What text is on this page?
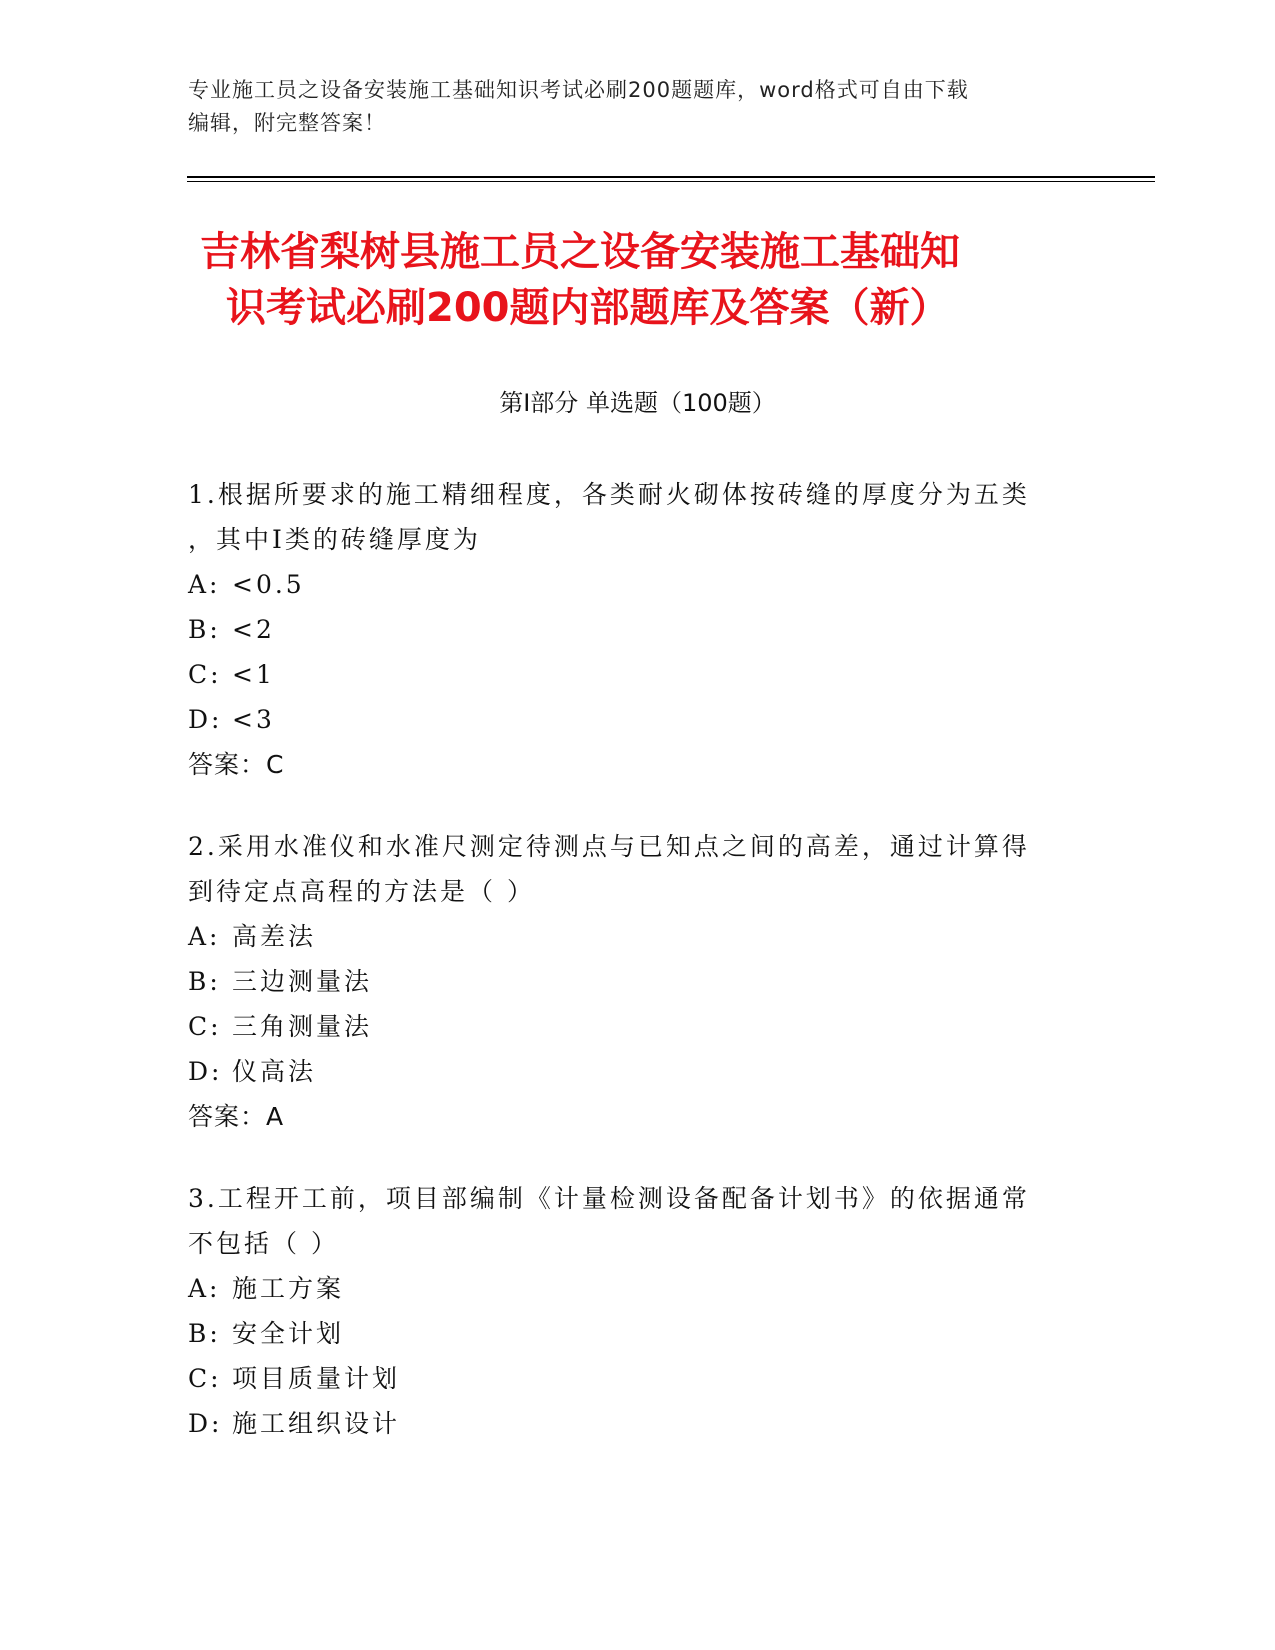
专业施工员之设备安装施工基础知识考试必刷200题题库，word格式可自由下载
编辑，附完整答案！
吉林省梨树县施工员之设备安装施工基础知
识考试必刷200题内部题库及答案（新）
第Ⅰ部分 单选题（100题）

1.根据所要求的施工精细程度，各类耐火砌体按砖缝的厚度分为五类

，其中Ⅰ类的砖缝厚度为

A: <0.5

B: <2

C: <1

D: <3

答案：C

2.采用水准仪和水准尺测定待测点与已知点之间的高差，通过计算得

到待定点高程的方法是（ ）

A: 高差法

B: 三边测量法

C: 三角测量法

D: 仪高法

答案：A

3.工程开工前，项目部编制《计量检测设备配备计划书》的依据通常

不包括（ ）

A: 施工方案

B: 安全计划

C: 项目质量计划

D: 施工组织设计
